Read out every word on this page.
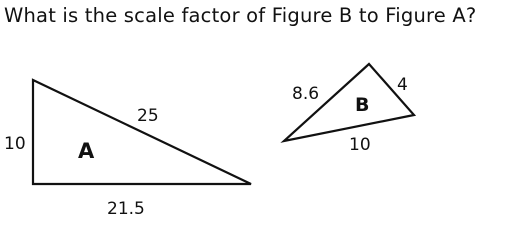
What is the scale factor of Figure B to Figure A?
A
10
25
21.5
B
8.6	4
10
